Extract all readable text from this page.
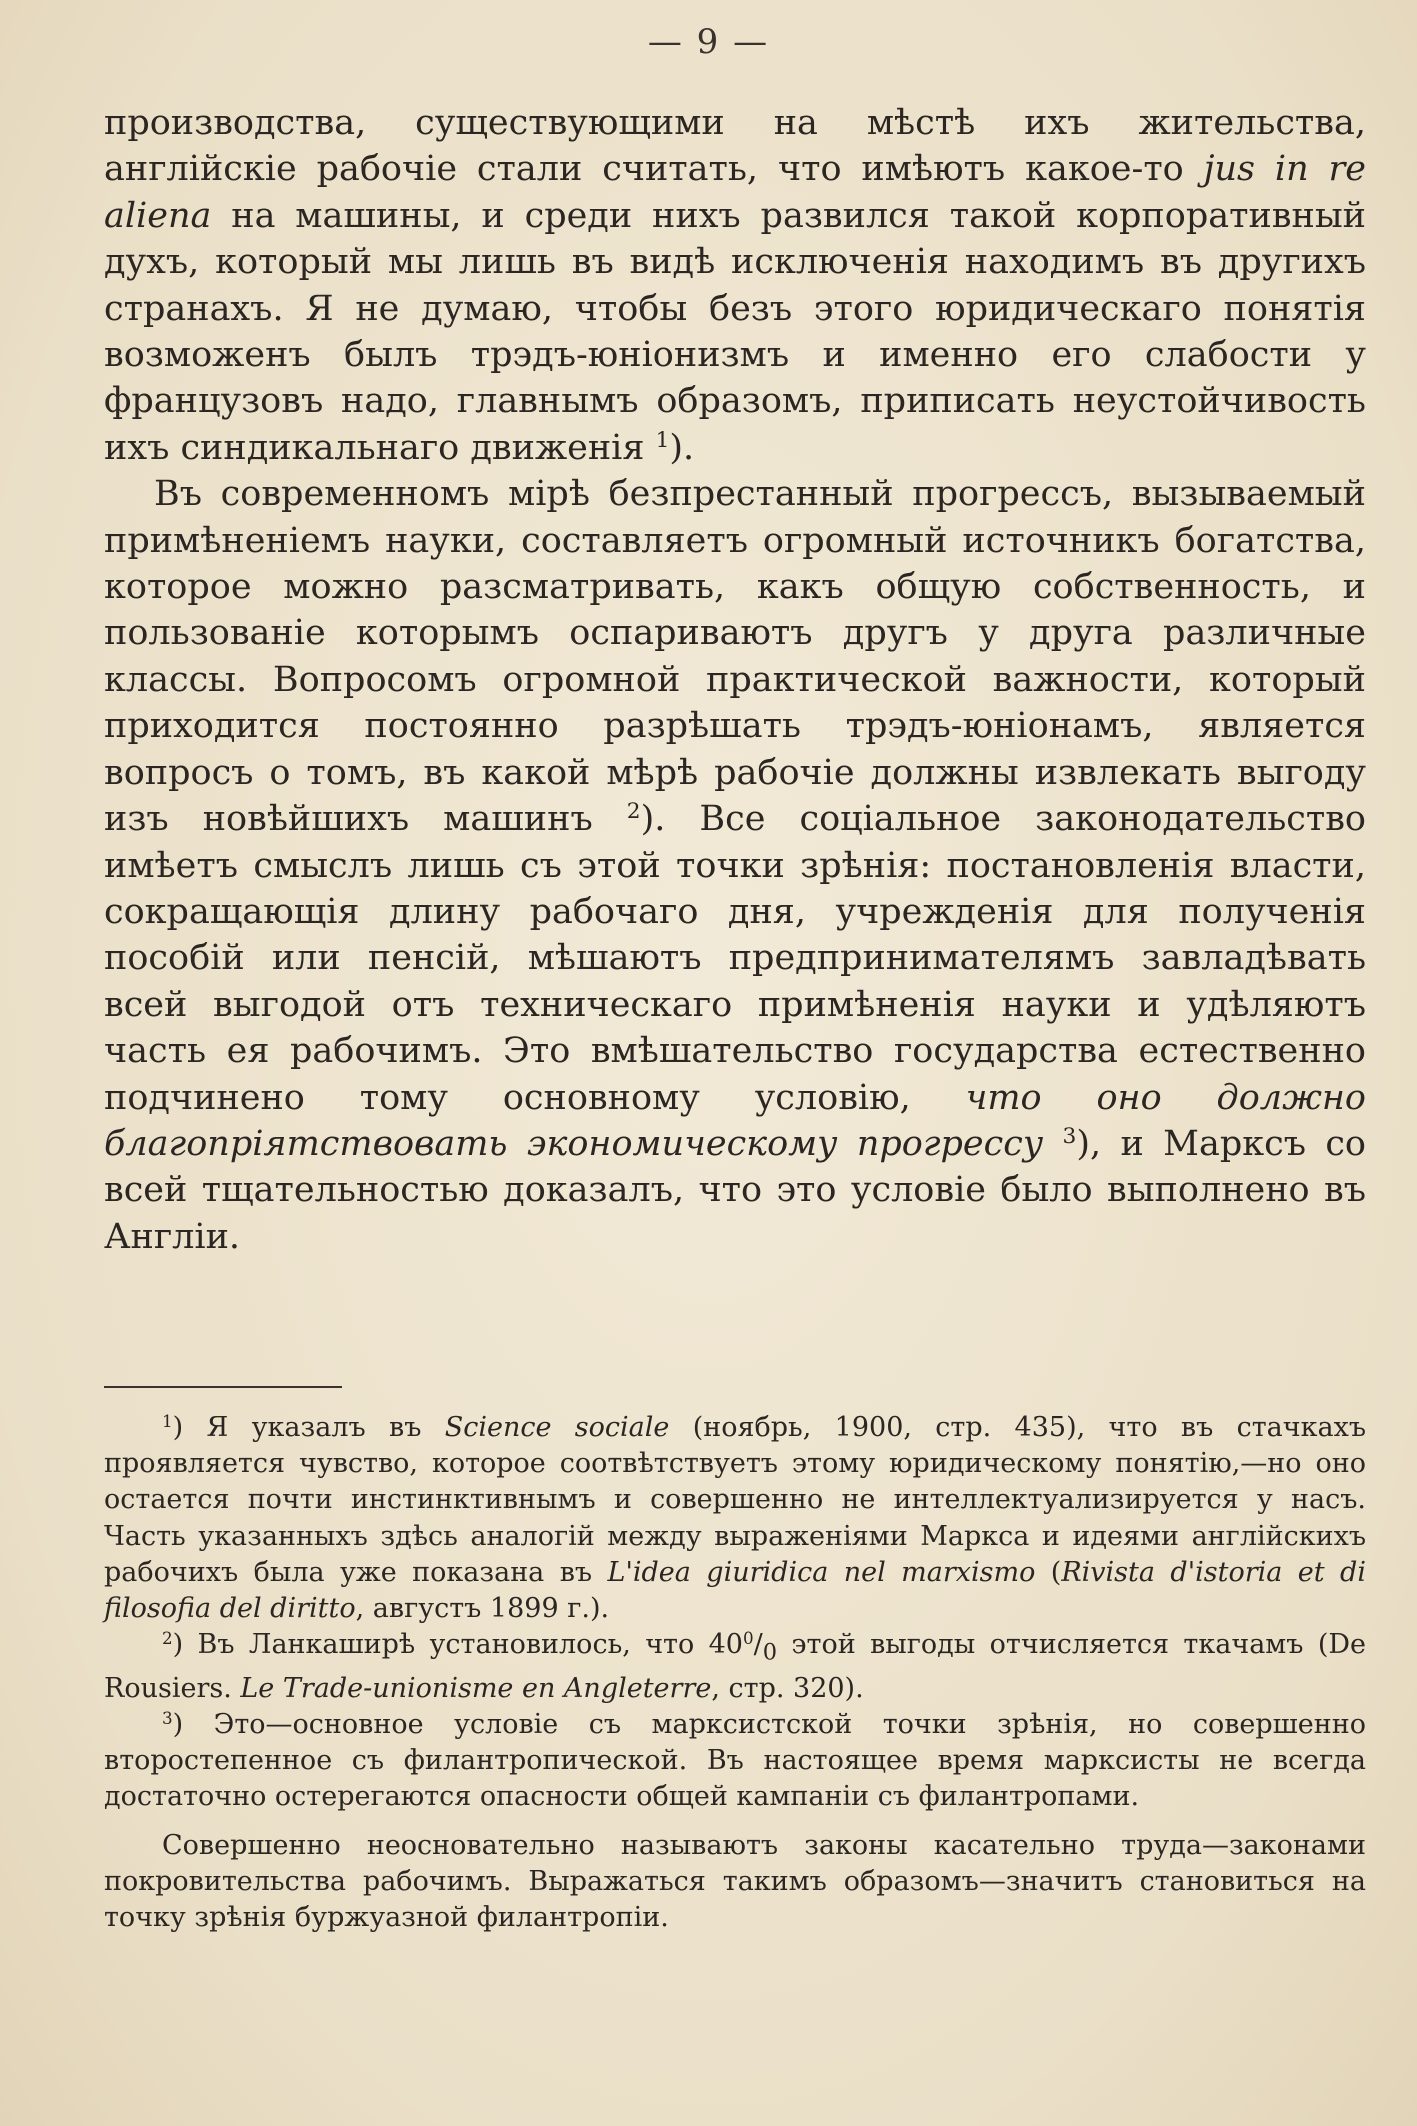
— 9 —

производства, существующими на мѣстѣ ихъ жительства, англійскіе рабочіе стали считать, что имѣютъ какое-то jus in re aliena на машины, и среди нихъ развился такой корпоративный духъ, который мы лишь въ видѣ исключенія находимъ въ другихъ странахъ. Я не думаю, чтобы безъ этого юридическаго понятія возможенъ былъ трэдъ-юніонизмъ и именно его слабости у французовъ надо, главнымъ образомъ, приписать неустойчивость ихъ синдикальнаго движенія $^1$).

Въ современномъ мірѣ безпрестанный прогрессъ, вызываемый примѣненіемъ науки, составляетъ огромный источникъ богатства, которое можно разсматривать, какъ общую собственность, и пользованіе которымъ оспариваютъ другъ у друга различные классы. Вопросомъ огромной практической важности, который приходится постоянно разрѣшать трэдъ-юніонамъ, является вопросъ о томъ, въ какой мѣрѣ рабочіе должны извлекать выгоду изъ новѣйшихъ машинъ $^2$). Все соціальное законодательство имѣетъ смыслъ лишь съ этой точки зрѣнія: постановленія власти, сокращающія длину рабочаго дня, учрежденія для полученія пособій или пенсій, мѣшаютъ предпринимателямъ завладѣвать всей выгодой отъ техническаго примѣненія науки и удѣляютъ часть ея рабочимъ. Это вмѣшательство государства естественно подчинено тому основному условію, что оно должно благопріятствовать экономическому прогрессу $^3$), и Марксъ со всей тщательностью доказалъ, что это условіе было выполнено въ Англіи.

$^1$) Я указалъ въ Science sociale (ноябрь, 1900, стр. 435), что въ стачкахъ проявляется чувство, которое соотвѣтствуетъ этому юридическому понятію,—но оно остается почти инстинктивнымъ и совершенно не интеллектуализируется у насъ. Часть указанныхъ здѣсь аналогій между выраженіями Маркса и идеями англійскихъ рабочихъ была уже показана въ L'idea giuridica nel marxismo (Rivista d'istoria et di filosofia del diritto, августъ 1899 г.).

$^2$) Въ Ланкаширѣ установилось, что $40^0/_0$ этой выгоды отчисляется ткачамъ (De Rousiers. Le Trade-unionisme en Angleterre, стр. 320).

$^3$) Это—основное условіе съ марксистской точки зрѣнія, но совершенно второстепенное съ филантропической. Въ настоящее время марксисты не всегда достаточно остерегаются опасности общей кампаніи съ филантропами.

Совершенно неосновательно называютъ законы касательно труда—законами покровительства рабочимъ. Выражаться такимъ образомъ—значитъ становиться на точку зрѣнія буржуазной филантропіи.
